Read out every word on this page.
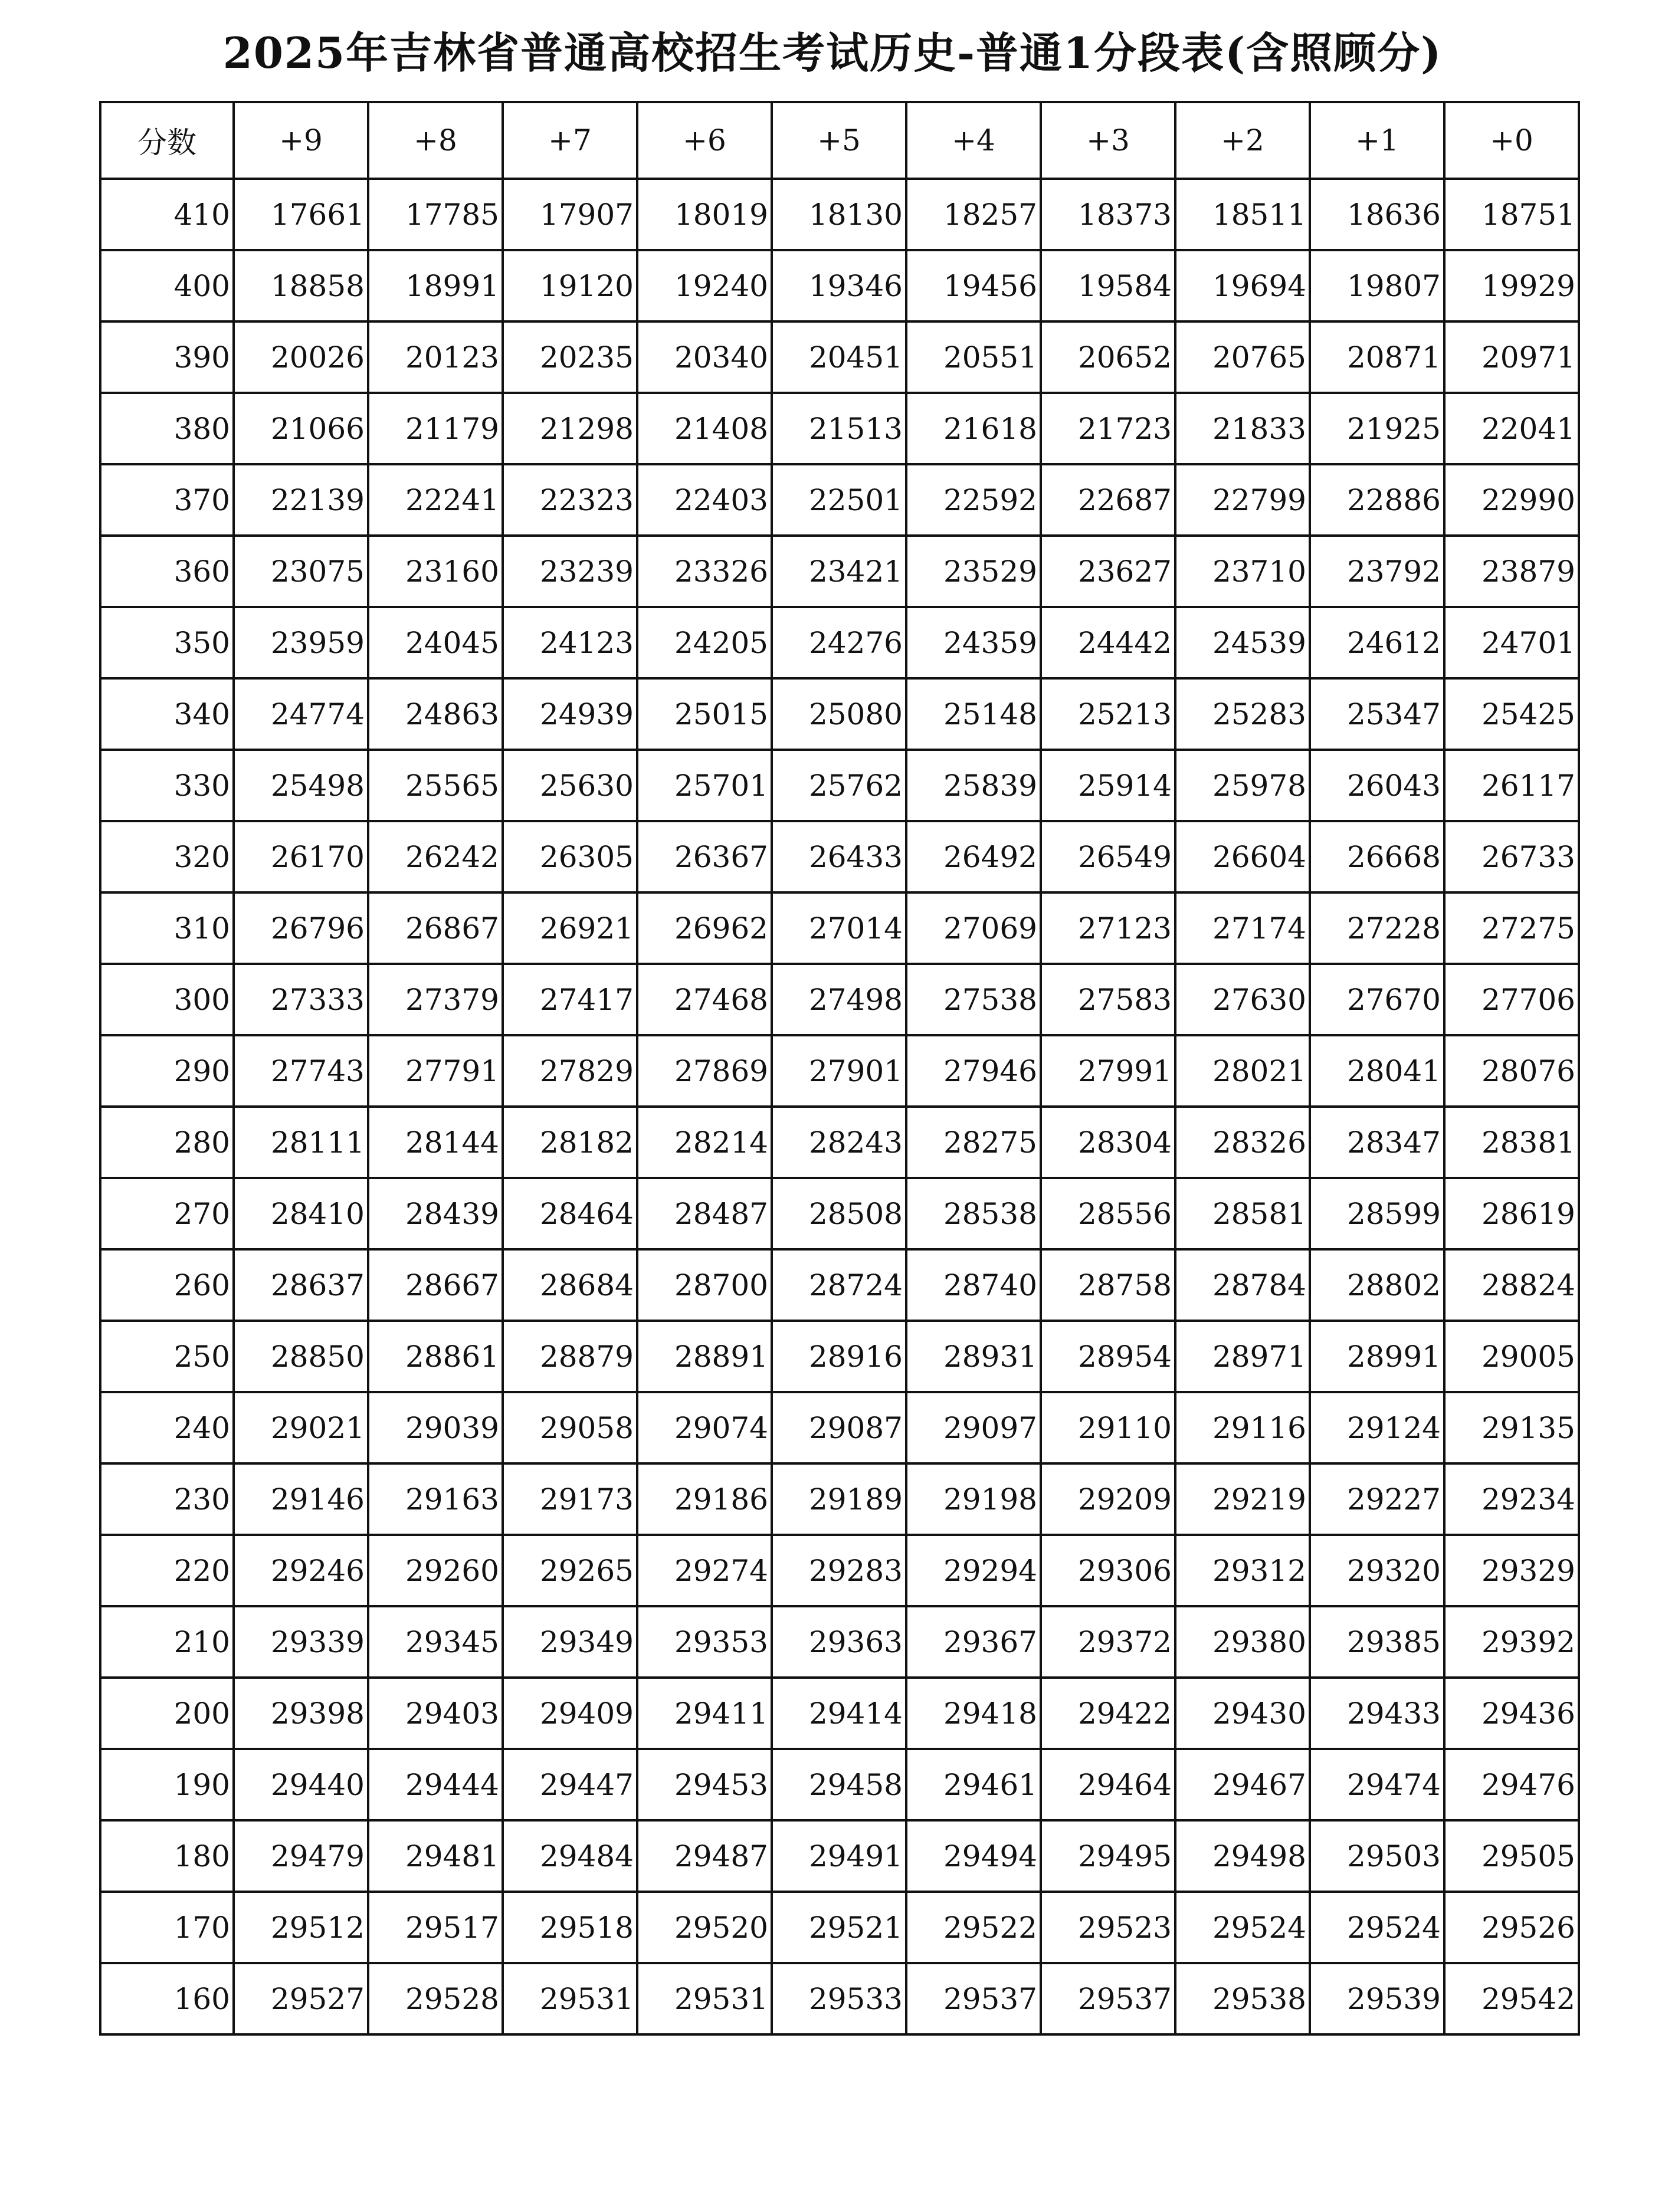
2025年吉林省普通高校招生考试历史-普通1分段表(含照顾分)
分数	+9	+8	+7	+6	+5	+4	+3	+2	+1	+0
410	17661	17785	17907	18019	18130	18257	18373	18511	18636	18751
400	18858	18991	19120	19240	19346	19456	19584	19694	19807	19929
390	20026	20123	20235	20340	20451	20551	20652	20765	20871	20971
380	21066	21179	21298	21408	21513	21618	21723	21833	21925	22041
370	22139	22241	22323	22403	22501	22592	22687	22799	22886	22990
360	23075	23160	23239	23326	23421	23529	23627	23710	23792	23879
350	23959	24045	24123	24205	24276	24359	24442	24539	24612	24701
340	24774	24863	24939	25015	25080	25148	25213	25283	25347	25425
330	25498	25565	25630	25701	25762	25839	25914	25978	26043	26117
320	26170	26242	26305	26367	26433	26492	26549	26604	26668	26733
310	26796	26867	26921	26962	27014	27069	27123	27174	27228	27275
300	27333	27379	27417	27468	27498	27538	27583	27630	27670	27706
290	27743	27791	27829	27869	27901	27946	27991	28021	28041	28076
280	28111	28144	28182	28214	28243	28275	28304	28326	28347	28381
270	28410	28439	28464	28487	28508	28538	28556	28581	28599	28619
260	28637	28667	28684	28700	28724	28740	28758	28784	28802	28824
250	28850	28861	28879	28891	28916	28931	28954	28971	28991	29005
240	29021	29039	29058	29074	29087	29097	29110	29116	29124	29135
230	29146	29163	29173	29186	29189	29198	29209	29219	29227	29234
220	29246	29260	29265	29274	29283	29294	29306	29312	29320	29329
210	29339	29345	29349	29353	29363	29367	29372	29380	29385	29392
200	29398	29403	29409	29411	29414	29418	29422	29430	29433	29436
190	29440	29444	29447	29453	29458	29461	29464	29467	29474	29476
180	29479	29481	29484	29487	29491	29494	29495	29498	29503	29505
170	29512	29517	29518	29520	29521	29522	29523	29524	29524	29526
160	29527	29528	29531	29531	29533	29537	29537	29538	29539	29542
